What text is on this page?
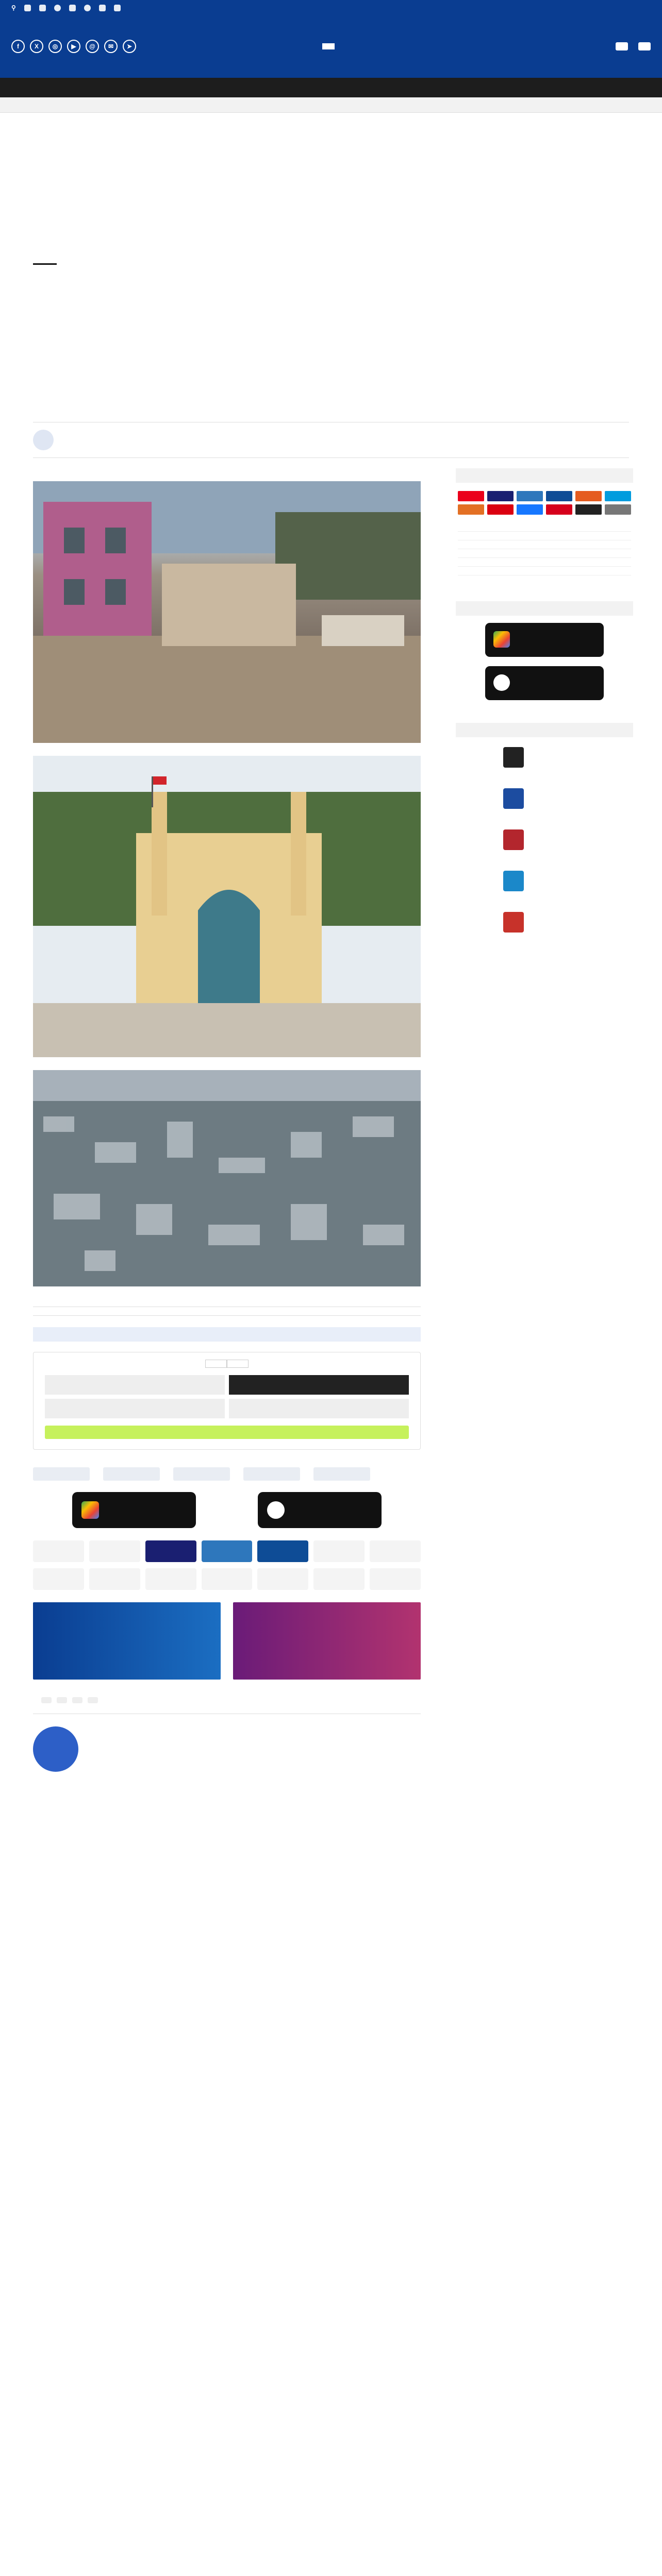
⚲
f	X	◎	▶	@	✉	➤
